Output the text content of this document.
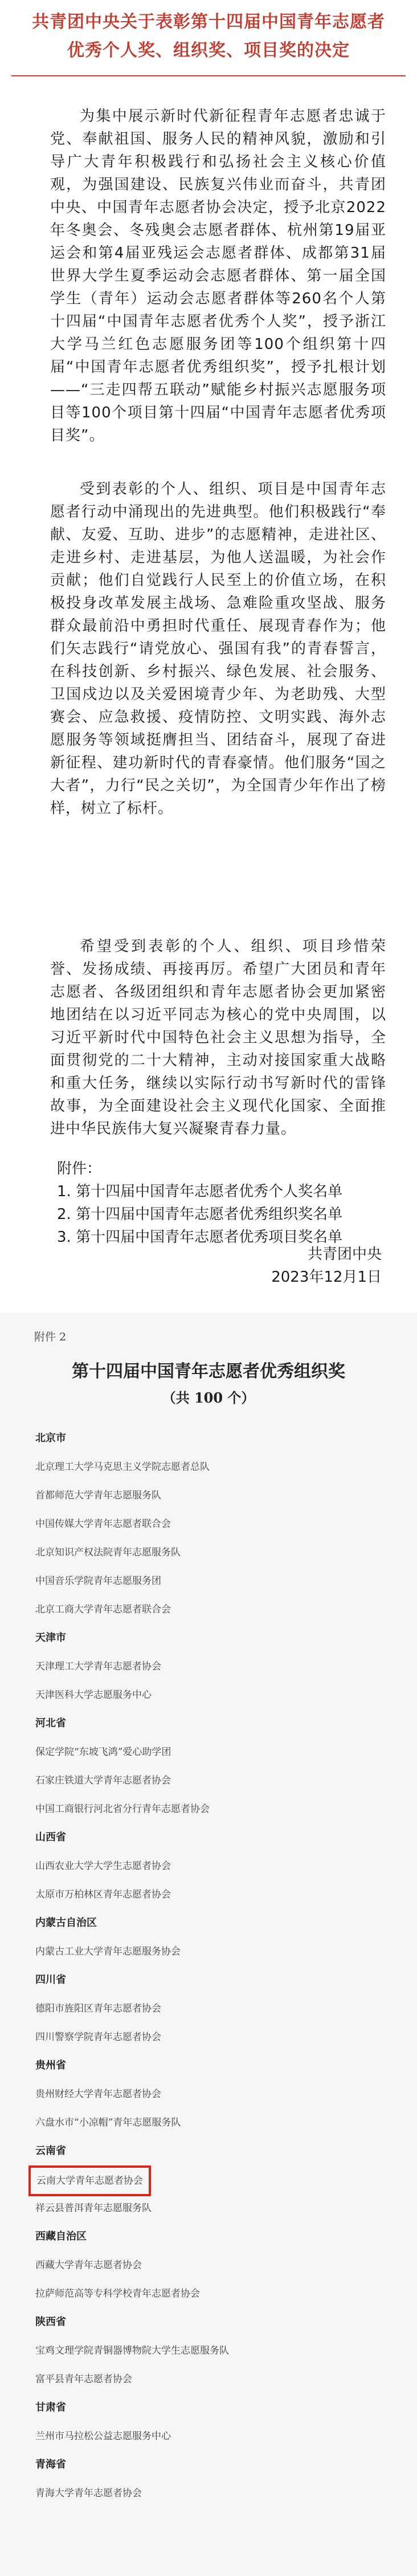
共青团中央关于表彰第十四届中国青年志愿者
优秀个人奖、组织奖、项目奖的决定

为集中展示新时代新征程青年志愿者忠诚于党、奉献祖国、服务人民的精神风貌，激励和引导广大青年积极践行和弘扬社会主义核心价值观，为强国建设、民族复兴伟业而奋斗，共青团中央、中国青年志愿者协会决定，授予北京2022年冬奥会、冬残奥会志愿者群体、杭州第19届亚运会和第4届亚残运会志愿者群体、成都第31届世界大学生夏季运动会志愿者群体、第一届全国学生（青年）运动会志愿者群体等260名个人第十四届“中国青年志愿者优秀个人奖”，授予浙江大学马兰红色志愿服务团等100个组织第十四届“中国青年志愿者优秀组织奖”，授予扎根计划——“三走四帮五联动”赋能乡村振兴志愿服务项目等100个项目第十四届“中国青年志愿者优秀项目奖”。

受到表彰的个人、组织、项目是中国青年志愿者行动中涌现出的先进典型。他们积极践行“奉献、友爱、互助、进步”的志愿精神，走进社区、走进乡村、走进基层，为他人送温暖，为社会作贡献；他们自觉践行人民至上的价值立场，在积极投身改革发展主战场、急难险重攻坚战、服务群众最前沿中勇担时代重任、展现青春作为；他们矢志践行“请党放心、强国有我”的青春誓言，在科技创新、乡村振兴、绿色发展、社会服务、卫国戍边以及关爱困境青少年、为老助残、大型赛会、应急救援、疫情防控、文明实践、海外志愿服务等领域挺膺担当、团结奋斗，展现了奋进新征程、建功新时代的青春豪情。他们服务“国之大者”，力行“民之关切”，为全国青少年作出了榜样，树立了标杆。

希望受到表彰的个人、组织、项目珍惜荣誉、发扬成绩、再接再厉。希望广大团员和青年志愿者、各级团组织和青年志愿者协会更加紧密地团结在以习近平同志为核心的党中央周围，以习近平新时代中国特色社会主义思想为指导，全面贯彻党的二十大精神，主动对接国家重大战略和重大任务，继续以实际行动书写新时代的雷锋故事，为全面建设社会主义现代化国家、全面推进中华民族伟大复兴凝聚青春力量。

附件：
1. 第十四届中国青年志愿者优秀个人奖名单
2. 第十四届中国青年志愿者优秀组织奖名单
3. 第十四届中国青年志愿者优秀项目奖名单
共青团中央
2023年12月1日
附件 2
第十四届中国青年志愿者优秀组织奖
（共 100 个）
北京市
北京理工大学马克思主义学院志愿者总队
首都师范大学青年志愿服务队
中国传媒大学青年志愿者联合会
北京知识产权法院青年志愿服务队
中国音乐学院青年志愿服务团
北京工商大学青年志愿者联合会
天津市
天津理工大学青年志愿者协会
天津医科大学志愿服务中心
河北省
保定学院“东坡飞鸿”爱心助学团
石家庄铁道大学青年志愿者协会
中国工商银行河北省分行青年志愿者协会
山西省
山西农业大学大学生志愿者协会
太原市万柏林区青年志愿者协会
内蒙古自治区
内蒙古工业大学青年志愿服务协会
四川省
德阳市旌阳区青年志愿者协会
四川警察学院青年志愿者协会
贵州省
贵州财经大学青年志愿者协会
六盘水市“小凉帽”青年志愿服务队
云南省
云南大学青年志愿者协会
祥云县普洱青年志愿服务队
西藏自治区
西藏大学青年志愿者协会
拉萨师范高等专科学校青年志愿者协会
陕西省
宝鸡文理学院青铜器博物院大学生志愿服务队
富平县青年志愿者协会
甘肃省
兰州市马拉松公益志愿服务中心
青海省
青海大学青年志愿者协会
